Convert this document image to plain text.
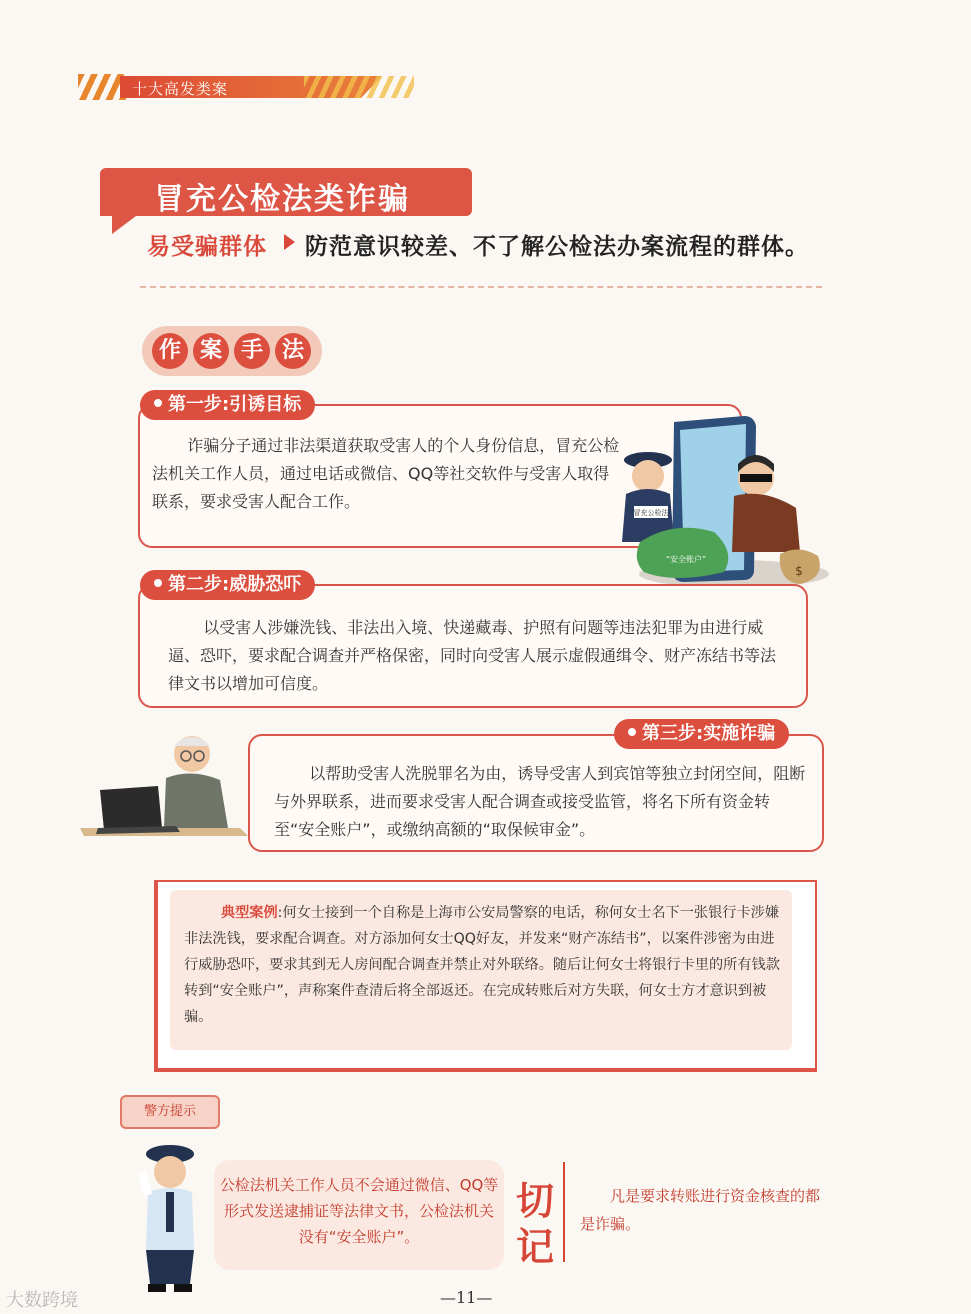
十大高发类案
冒充公检法类诈骗
易受骗群体 防范意识较差、不了解公检法办案流程的群体。
作 案 手 法
第一步:引诱目标
诈骗分子通过非法渠道获取受害人的个人身份信息，冒充公检法机关工作人员，通过电话或微信、QQ等社交软件与受害人取得联系，要求受害人配合工作。
冒充公检法
“安全账户”
$
第二步:威胁恐吓
以受害人涉嫌洗钱、非法出入境、快递藏毒、护照有问题等违法犯罪为由进行威逼、恐吓，要求配合调查并严格保密，同时向受害人展示虚假通缉令、财产冻结书等法律文书以增加可信度。
第三步:实施诈骗
以帮助受害人洗脱罪名为由，诱导受害人到宾馆等独立封闭空间，阻断与外界联系，进而要求受害人配合调查或接受监管，将名下所有资金转至“安全账户”，或缴纳高额的“取保候审金”。
典型案例:何女士接到一个自称是上海市公安局警察的电话，称何女士名下一张银行卡涉嫌非法洗钱，要求配合调查。对方添加何女士QQ好友，并发来“财产冻结书”，以案件涉密为由进行威胁恐吓，要求其到无人房间配合调查并禁止对外联络。随后让何女士将银行卡里的所有钱款转到“安全账户”，声称案件查清后将全部返还。在完成转账后对方失联，何女士方才意识到被骗。
警方提示
公检法机关工作人员不会通过微信、QQ等形式发送逮捕证等法律文书，公检法机关没有“安全账户”。
切记
凡是要求转账进行资金核查的都是诈骗。
—11—
大数跨境
